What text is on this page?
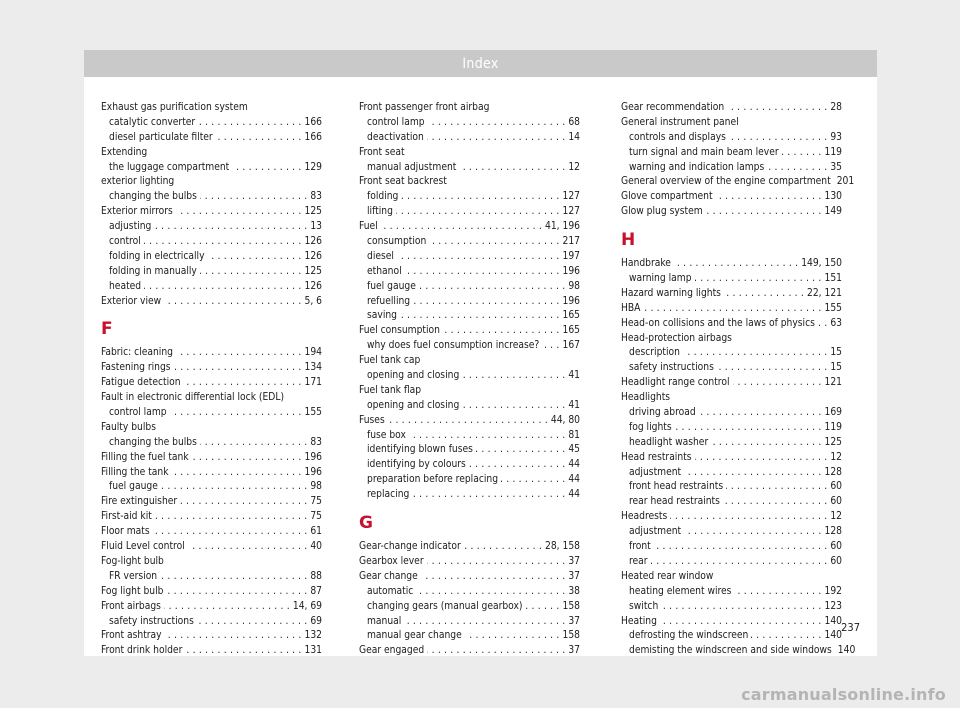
Index
Exhaust gas purification system
catalytic converter . . .	166
diesel particulate filter . . .	166
Extending
the luggage compartment . . .	129
exterior lighting
changing the bulbs . . .	83
Exterior mirrors . . .	125
adjusting . . .	13
control . . .	126
folding in electrically . . .	126
folding in manually . . .	125
heated . . .	126
Exterior view . . .	5, 6
F
Fabric: cleaning . . .	194
Fastening rings . . .	134
Fatigue detection . . .	171
Fault in electronic differential lock (EDL)
control lamp . . .	155
Faulty bulbs
changing the bulbs . . .	83
Filling the fuel tank . . .	196
Filling the tank . . .	196
fuel gauge . . .	98
Fire extinguisher . . .	75
First-aid kit . . .	75
Floor mats . . .	61
Fluid Level control . . .	40
Fog-light bulb
FR version . . .	88
Fog light bulb . . .	87
Front airbags . . .	14, 69
safety instructions . . .	69
Front ashtray . . .	132
Front drink holder . . .	131
Front passenger front airbag
control lamp . . .	68
deactivation . . .	14
Front seat
manual adjustment . . .	12
Front seat backrest
folding . . .	127
lifting . . .	127
Fuel . . .	41, 196
consumption . . .	217
diesel . . .	197
ethanol . . .	196
fuel gauge . . .	98
refuelling . . .	196
saving . . .	165
Fuel consumption . . .	165
why does fuel consumption increase? . . . 167
Fuel tank cap
opening and closing . . .	41
Fuel tank flap
opening and closing . . .	41
Fuses . . .	44, 80
fuse box . . .	81
identifying blown fuses . . .	45
identifying by colours . . .	44
preparation before replacing . . .	44
replacing . . .	44
G
Gear-change indicator . . .	28, 158
Gearbox lever . . .	37
Gear change . . .	37
automatic . . .	38
changing gears (manual gearbox) . . .	158
manual . . .	37
manual gear change . . .	158
Gear engaged . . .	37
Gear recommendation . . .	28
General instrument panel
controls and displays . . .	93
turn signal and main beam lever . . .	119
warning and indication lamps . . .	35
General overview of the engine compartment 201
Glove compartment . . .	130
Glow plug system . . .	149
H
Handbrake . . .	149, 150
warning lamp . . .	151
Hazard warning lights . . .	22, 121
HBA . . .	155
Head-on collisions and the laws of physics . . . 63
Head-protection airbags
description . . .	15
safety instructions . . .	15
Headlight range control . . .	121
Headlights
driving abroad . . .	169
fog lights . . .	119
headlight washer . . .	125
Head restraints . . .	12
adjustment . . .	128
front head restraints . . .	60
rear head restraints . . .	60
Headrests . . .	12
adjustment . . .	128
front . . .	60
rear . . .	60
Heated rear window
heating element wires . . .	192
switch . . .	123
Heating . . .	140
defrosting the windscreen . . .	140
demisting the windscreen and side windows 140
237
carmanualsonline.info
